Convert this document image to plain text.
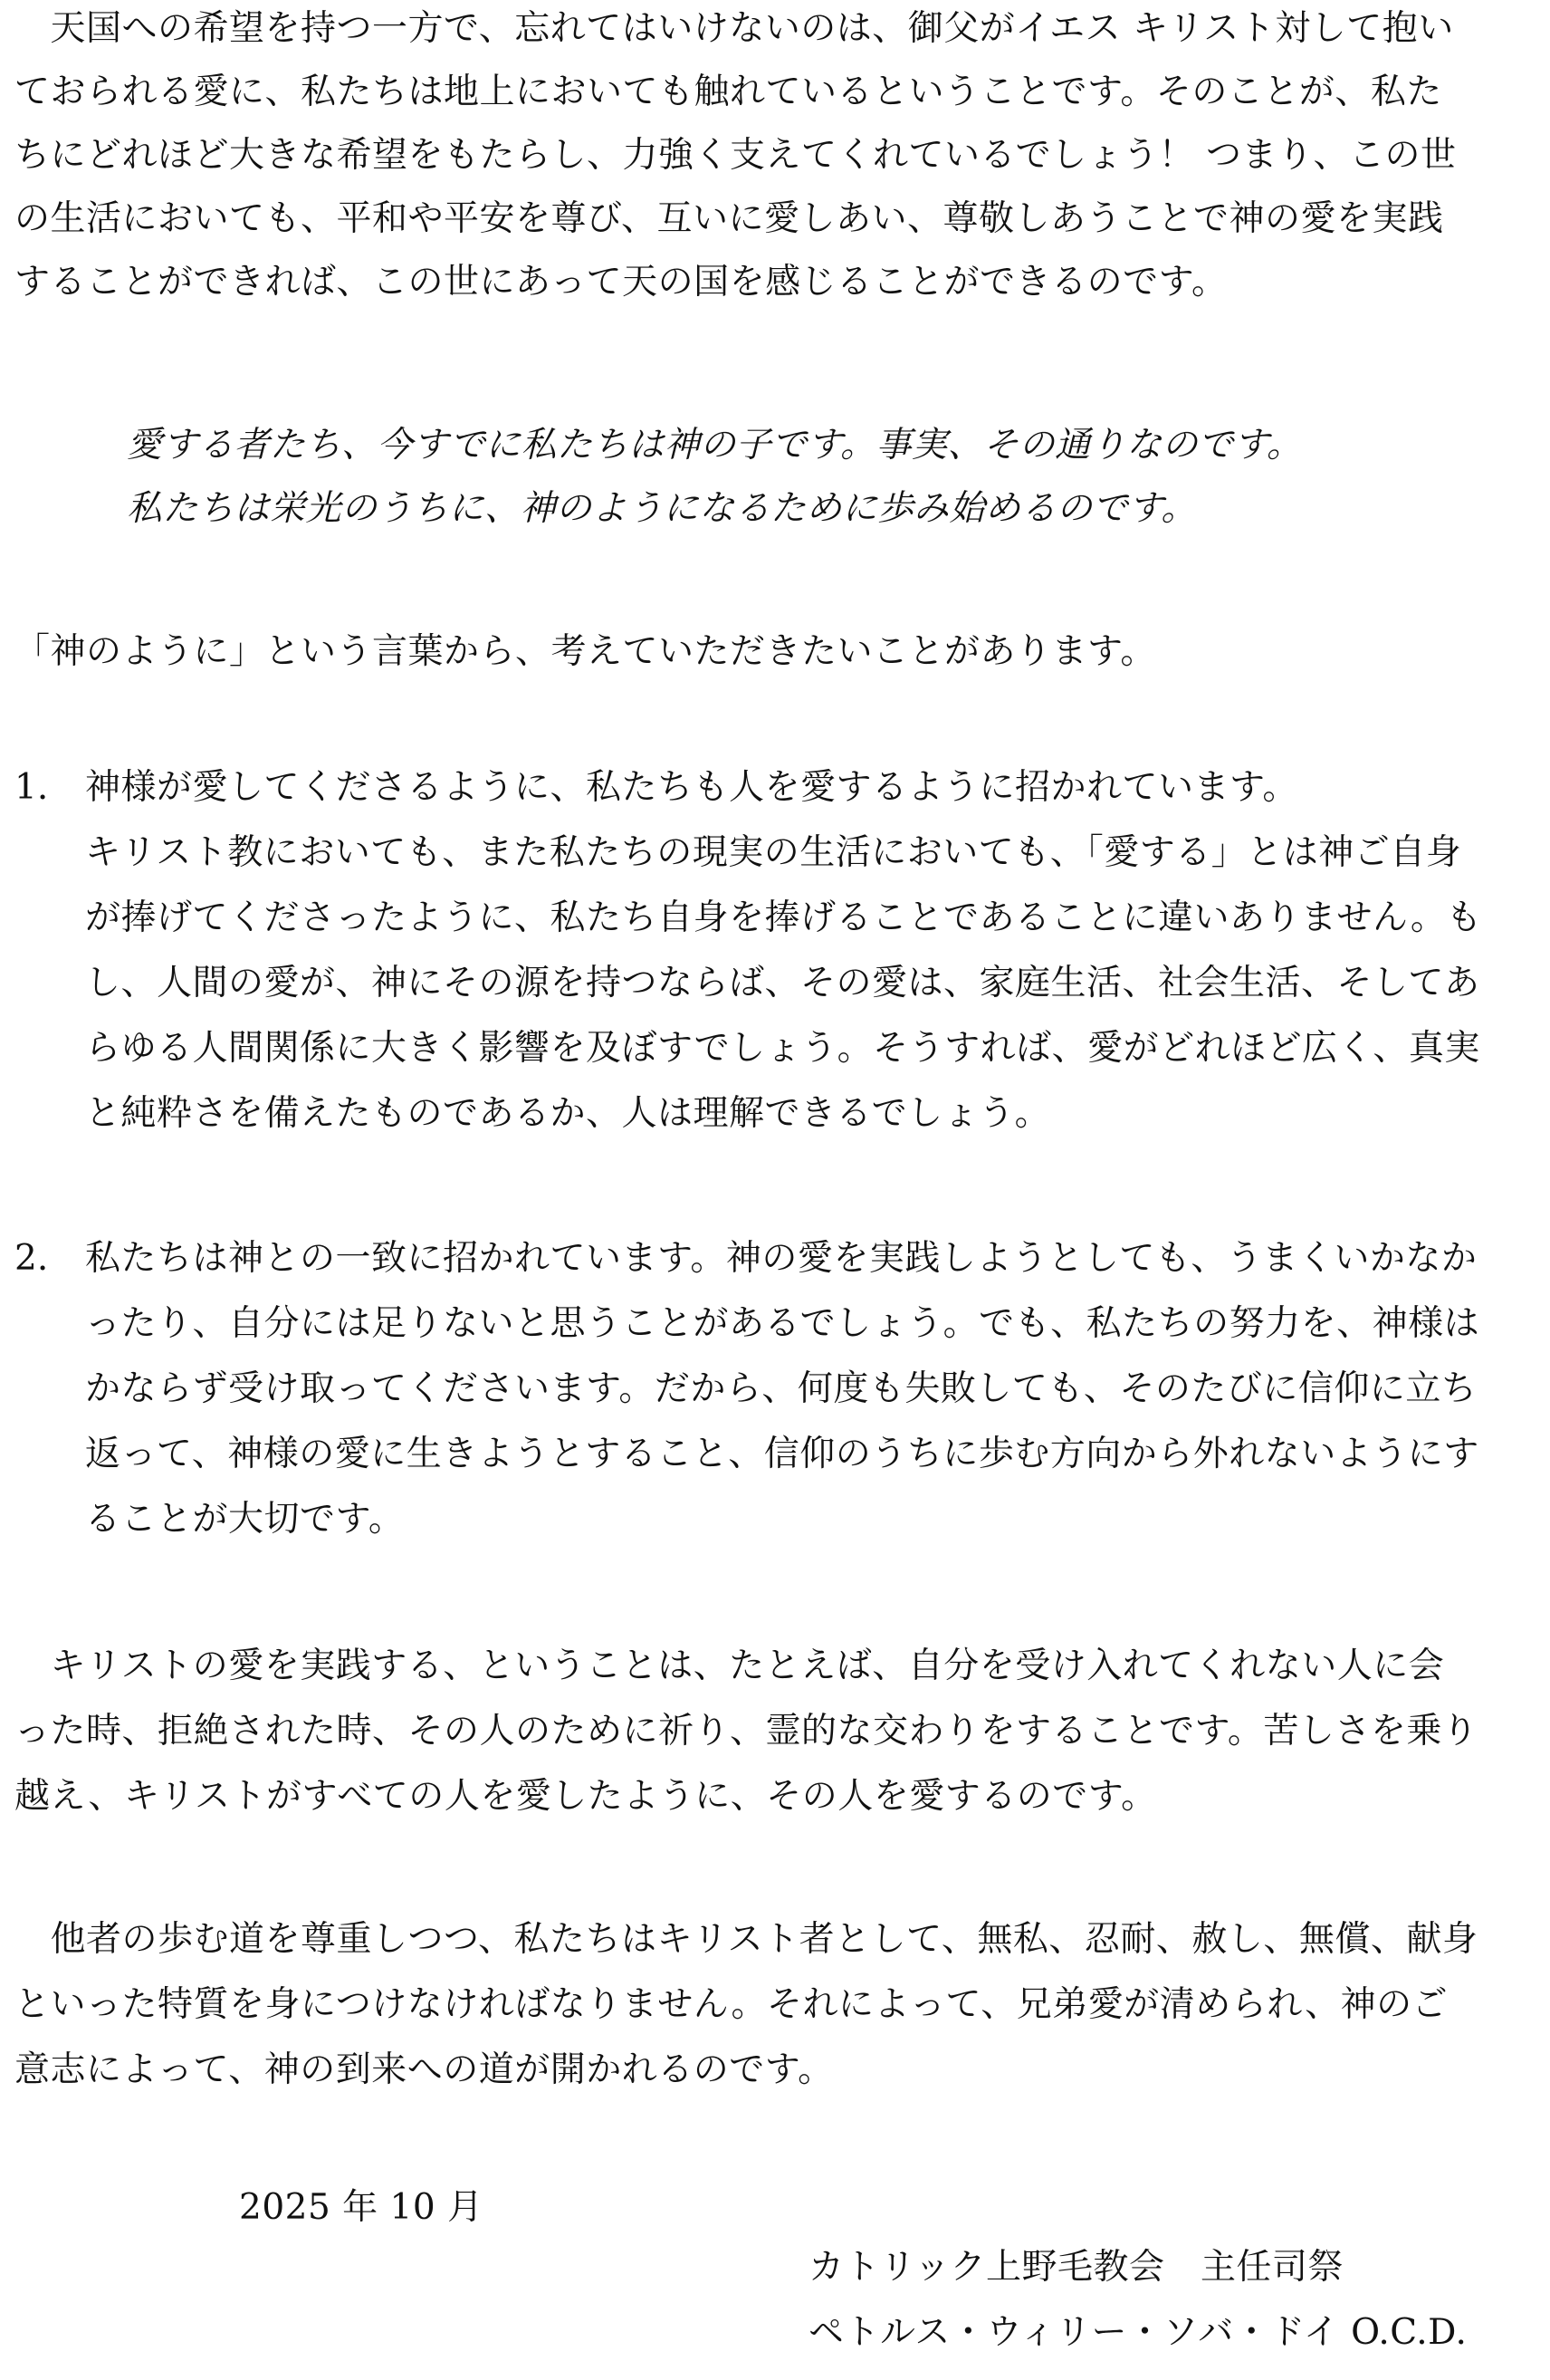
　天国への希望を持つ一方で、忘れてはいけないのは、御父がイエス キリスト対して抱い
ておられる愛に、私たちは地上においても触れているということです。そのことが、私た
ちにどれほど大きな希望をもたらし、力強く支えてくれているでしょう！ つまり、この世
の生活においても、平和や平安を尊び、互いに愛しあい、尊敬しあうことで神の愛を実践
することができれば、この世にあって天の国を感じることができるのです。
愛する者たち、今すでに私たちは神の子です。事実、その通りなのです。
私たちは栄光のうちに、神のようになるために歩み始めるのです。
「神のように」という言葉から、考えていただきたいことがあります。
1. 神様が愛してくださるように、私たちも人を愛するように招かれています。
キリスト教においても、また私たちの現実の生活においても、「愛する」とは神ご自身
が捧げてくださったように、私たち自身を捧げることであることに違いありません。も
し、人間の愛が、神にその源を持つならば、その愛は、家庭生活、社会生活、そしてあ
らゆる人間関係に大きく影響を及ぼすでしょう。そうすれば、愛がどれほど広く、真実
と純粋さを備えたものであるか、人は理解できるでしょう。
2. 私たちは神との一致に招かれています。神の愛を実践しようとしても、うまくいかなか
ったり、自分には足りないと思うことがあるでしょう。でも、私たちの努力を、神様は
かならず受け取ってくださいます。だから、何度も失敗しても、そのたびに信仰に立ち
返って、神様の愛に生きようとすること、信仰のうちに歩む方向から外れないようにす
ることが大切です。
　キリストの愛を実践する、ということは、たとえば、自分を受け入れてくれない人に会
った時、拒絶された時、その人のために祈り、霊的な交わりをすることです。苦しさを乗り
越え、キリストがすべての人を愛したように、その人を愛するのです。
　他者の歩む道を尊重しつつ、私たちはキリスト者として、無私、忍耐、赦し、無償、献身
といった特質を身につけなければなりません。それによって、兄弟愛が清められ、神のご
意志によって、神の到来への道が開かれるのです。
2025 年 10 月
カトリック上野毛教会　主任司祭
ペトルス・ウィリー・ソバ・ドイ O.C.D.
